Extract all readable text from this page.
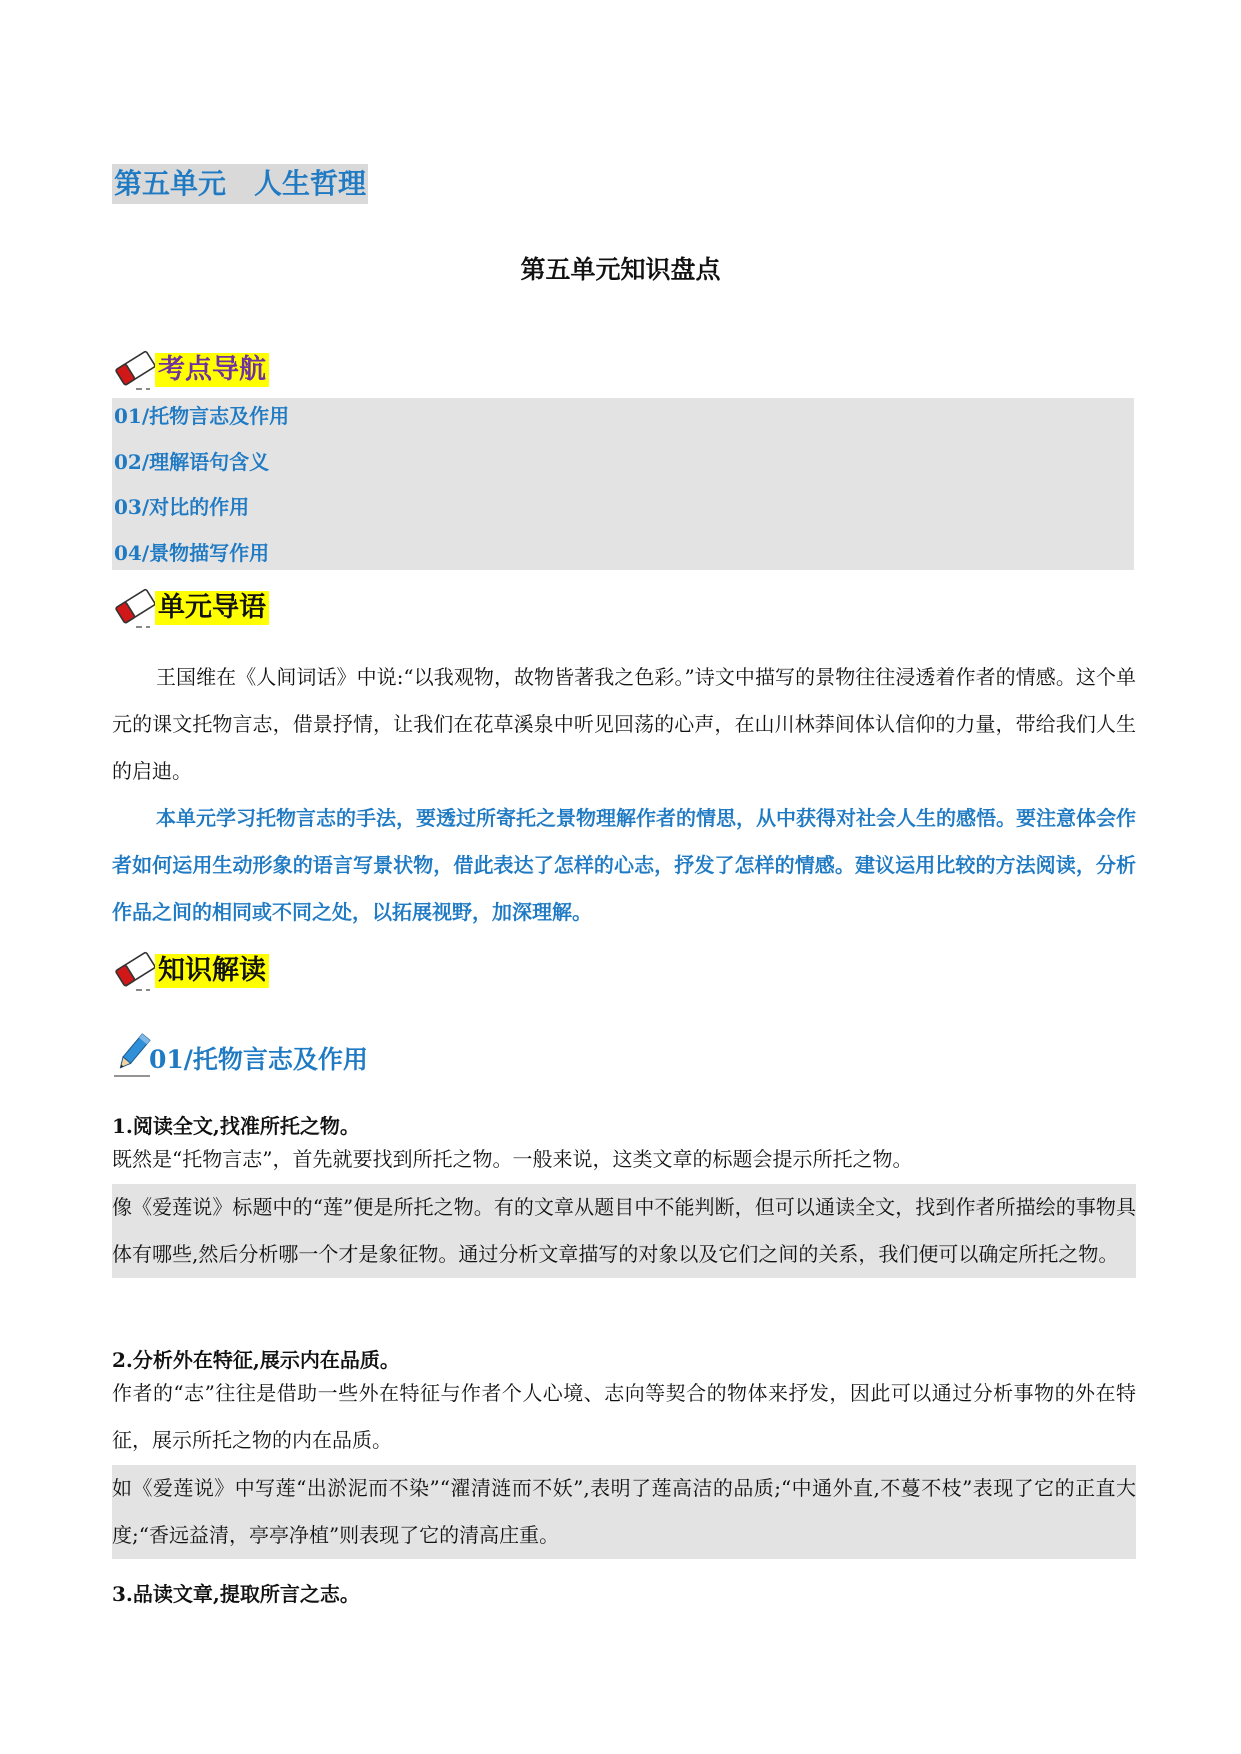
第五单元　人生哲理
第五单元知识盘点
考点导航
01/托物言志及作用
02/理解语句含义
03/对比的作用
04/景物描写作用
单元导语
王国维在《人间词话》中说:“以我观物，故物皆著我之色彩。”诗文中描写的景物往往浸透着作者的情感。这个单元的课文托物言志，借景抒情，让我们在花草溪泉中听见回荡的心声，在山川林莽间体认信仰的力量，带给我们人生的启迪。
本单元学习托物言志的手法，要透过所寄托之景物理解作者的情思，从中获得对社会人生的感悟。要注意体会作者如何运用生动形象的语言写景状物，借此表达了怎样的心志，抒发了怎样的情感。建议运用比较的方法阅读，分析作品之间的相同或不同之处，以拓展视野，加深理解。
知识解读
01/托物言志及作用
1.阅读全文,找准所托之物。
既然是“托物言志”，首先就要找到所托之物。一般来说，这类文章的标题会提示所托之物。
像《爱莲说》标题中的“莲”便是所托之物。有的文章从题目中不能判断，但可以通读全文，找到作者所描绘的事物具体有哪些,然后分析哪一个才是象征物。通过分析文章描写的对象以及它们之间的关系，我们便可以确定所托之物。
2.分析外在特征,展示内在品质。
作者的“志”往往是借助一些外在特征与作者个人心境、志向等契合的物体来抒发，因此可以通过分析事物的外在特征，展示所托之物的内在品质。
如《爱莲说》中写莲“出淤泥而不染”“濯清涟而不妖”,表明了莲高洁的品质;“中通外直,不蔓不枝”表现了它的正直大度;“香远益清，亭亭净植”则表现了它的清高庄重。
3.品读文章,提取所言之志。
